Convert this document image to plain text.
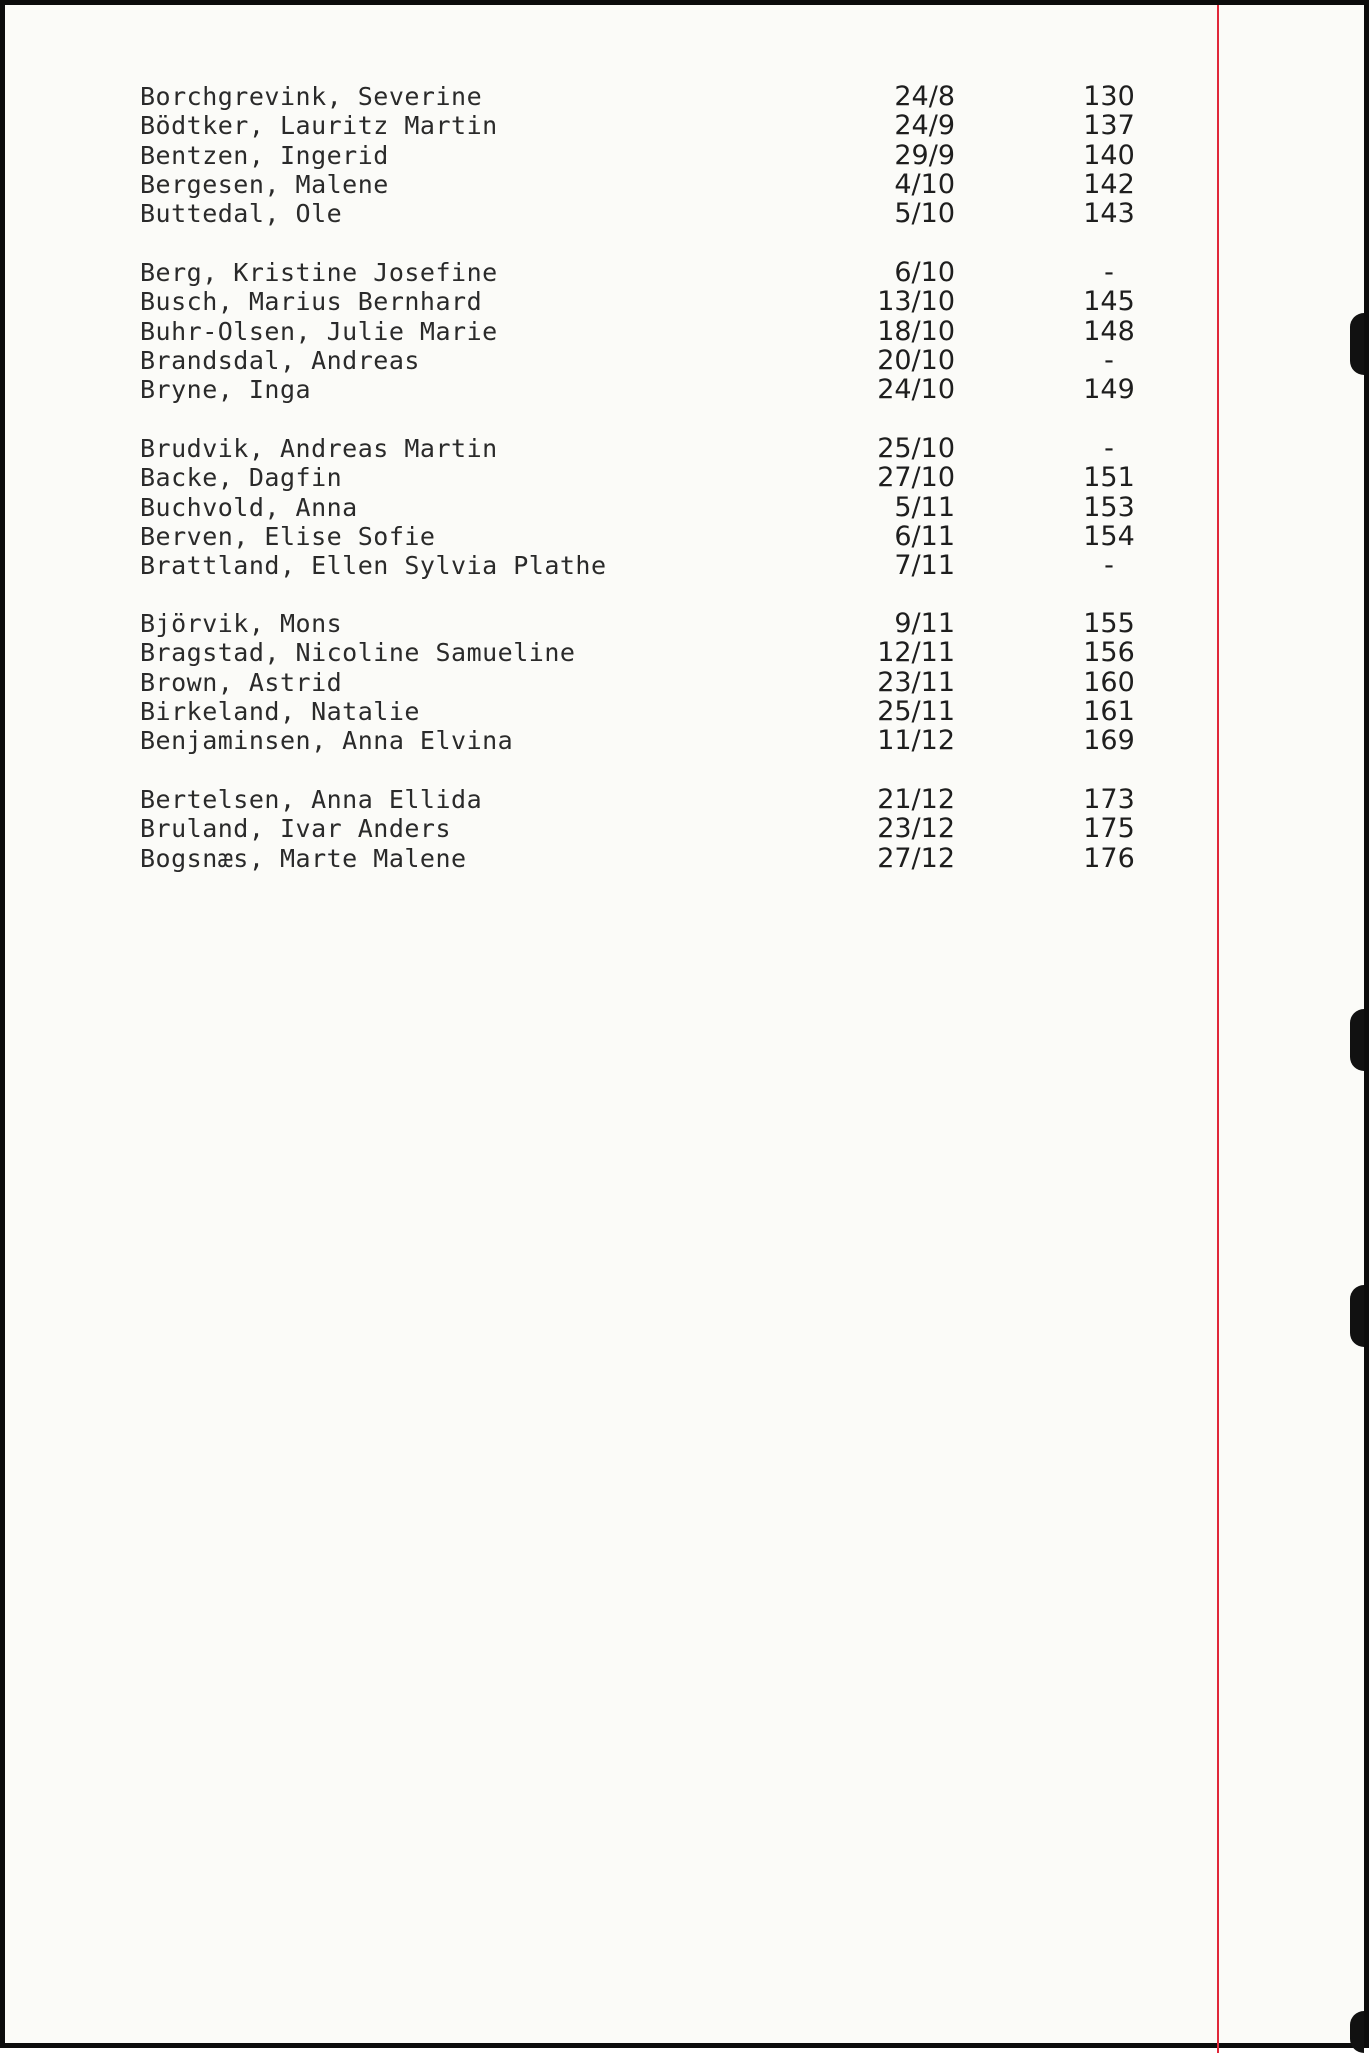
Borchgrevink, Severine	24/8	130
Bödtker, Lauritz Martin	24/9	137
Bentzen, Ingerid	29/9	140
Bergesen, Malene	4/10	142
Buttedal, Ole	5/10	143
Berg, Kristine Josefine	6/10	-
Busch, Marius Bernhard	13/10	145
Buhr-Olsen, Julie Marie	18/10	148
Brandsdal, Andreas	20/10	-
Bryne, Inga	24/10	149
Brudvik, Andreas Martin	25/10	-
Backe, Dagfin	27/10	151
Buchvold, Anna	5/11	153
Berven, Elise Sofie	6/11	154
Brattland, Ellen Sylvia Plathe	7/11	-
Björvik, Mons	9/11	155
Bragstad, Nicoline Samueline	12/11	156
Brown, Astrid	23/11	160
Birkeland, Natalie	25/11	161
Benjaminsen, Anna Elvina	11/12	169
Bertelsen, Anna Ellida	21/12	173
Bruland, Ivar Anders	23/12	175
Bogsnæs, Marte Malene	27/12	176
